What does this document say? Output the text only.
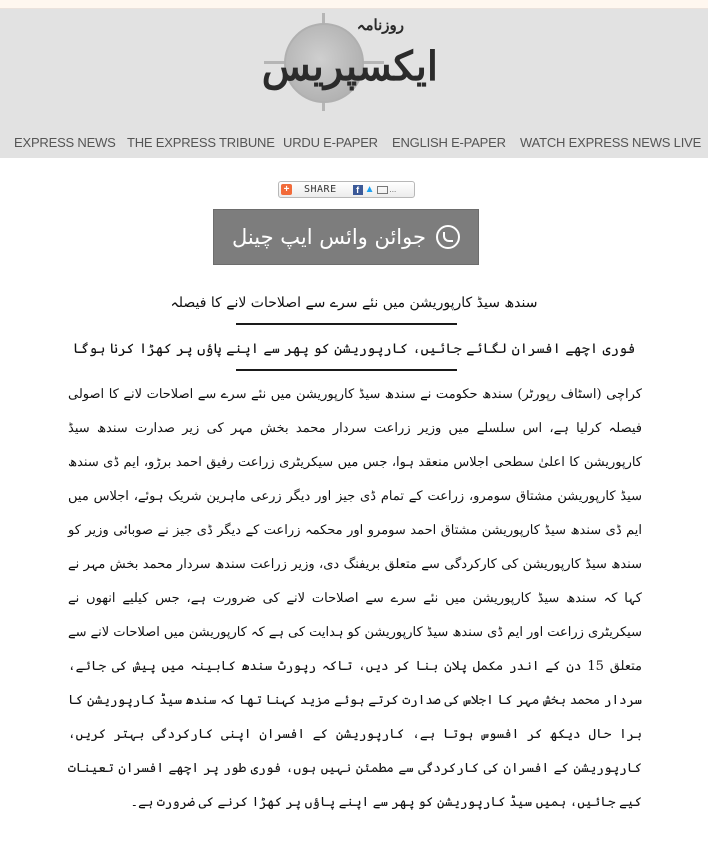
روزنامہ
ایکسپریس
EXPRESS NEWS THE EXPRESS TRIBUNE URDU E-PAPER ENGLISH E-PAPER WATCH EXPRESS NEWS LIVE
+ SHARE	f ▲ ...
جوائن وائس ایپ چینل
سندھ سیڈ کارپوریشن میں نئے سرے سے اصلاحات لانے کا فیصلہ
فوری اچھے افسران لگائے جائیں، کارپوریشن کو پھر سے اپنے پاؤں پر کھڑا کرنا ہوگا
کراچی (اسٹاف رپورٹر) سندھ حکومت نے سندھ سیڈ کارپوریشن میں نئے سرے سے اصلاحات لانے کا اصولی فیصلہ کرلیا ہے، اس سلسلے میں وزیر زراعت سردار محمد بخش مہر کی زیر صدارت سندھ سیڈ کارپوریشن کا اعلیٰ سطحی اجلاس منعقد ہوا، جس میں سیکریٹری زراعت رفیق احمد برڑو، ایم ڈی سندھ سیڈ کارپوریشن مشتاق سومرو، زراعت کے تمام ڈی جیز اور دیگر زرعی ماہرین شریک ہوئے، اجلاس میں ایم ڈی سندھ سیڈ کارپوریشن مشتاق احمد سومرو اور محکمہ زراعت کے دیگر ڈی جیز نے صوبائی وزیر کو سندھ سیڈ کارپوریشن کی کارکردگی سے متعلق بریفنگ دی، وزیر زراعت سندھ سردار محمد بخش مہر نے کہا کہ سندھ سیڈ کارپوریشن میں نئے سرے سے اصلاحات لانے کی ضرورت ہے، جس کیلیے انھوں نے سیکریٹری زراعت اور ایم ڈی سندھ سیڈ کارپوریشن کو ہدایت کی ہے کہ کارپوریشن میں اصلاحات لانے سے متعلق 15 دن کے اندر مکمل پلان بنا کر دیں، تاکہ رپورٹ سندھ کابینہ میں پیش کی جائے، سردار محمد بخش مہر کا اجلاس کی صدارت کرتے ہوئے مزید کہنا تھا کہ سندھ سیڈ کارپوریشن کا برا حال دیکھ کر افسوس ہوتا ہے، کارپوریشن کے افسران اپنی کارکردگی بہتر کریں، کارپوریشن کے افسران کی کارکردگی سے مطمئن نہیں ہوں، فوری طور پر اچھے افسران تعینات کیے جائیں، ہمیں سیڈ کارپوریشن کو پھر سے اپنے پاؤں پر کھڑا کرنے کی ضرورت ہے۔
